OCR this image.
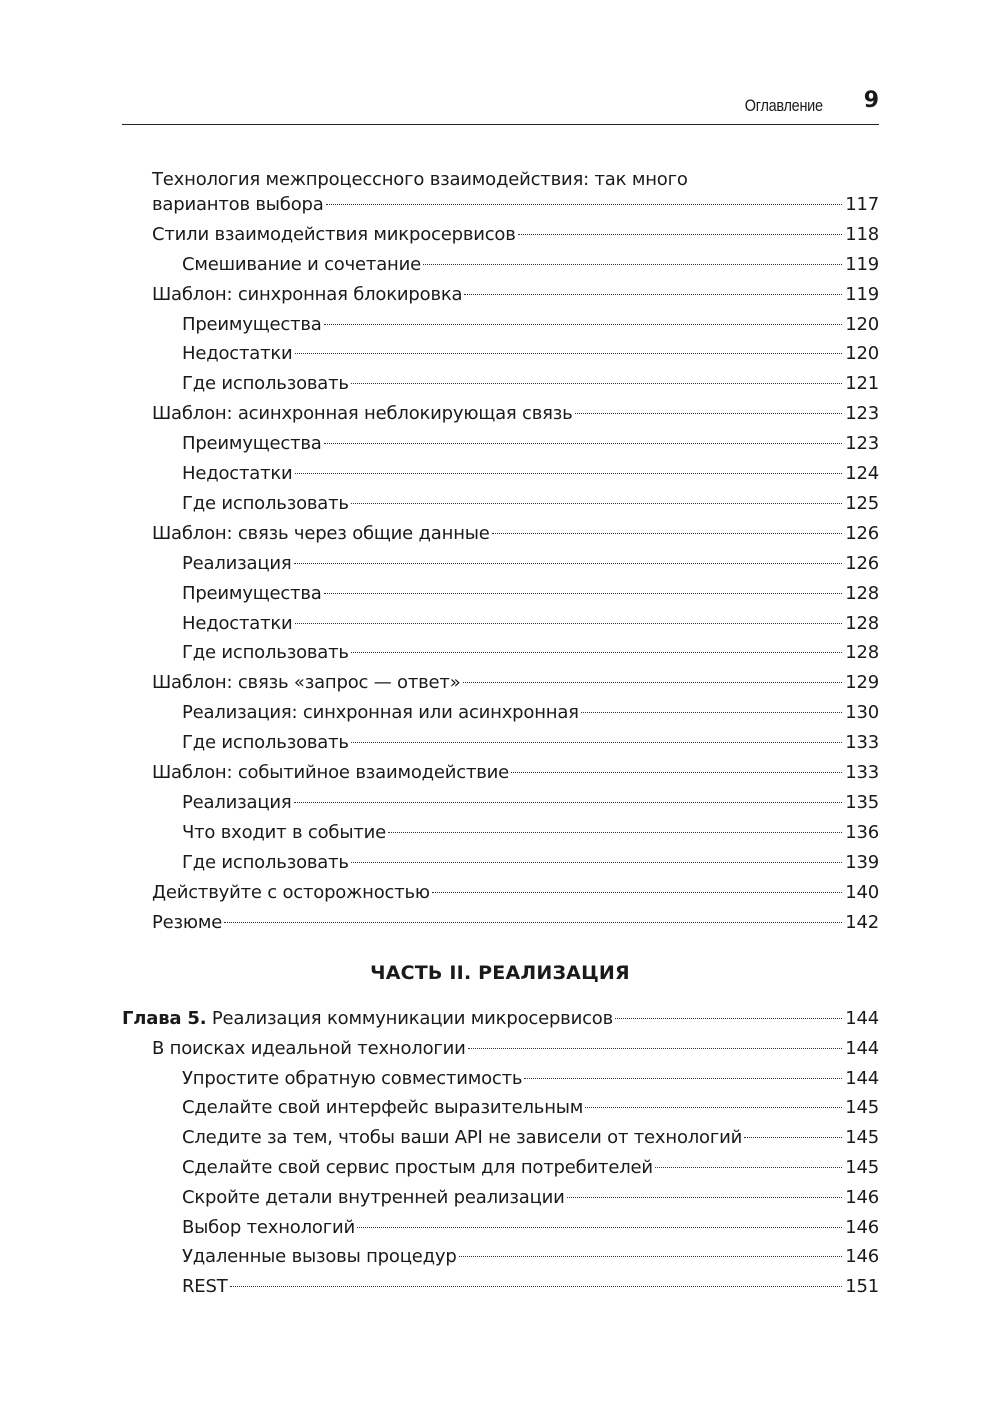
Оглавление 9
Технология межпроцессного взаимодействия: так много
вариантов выбора	117
Стили взаимодействия микросервисов	118
Смешивание и сочетание	119
Шаблон: синхронная блокировка	119
Преимущества	120
Недостатки	120
Где использовать	121
Шаблон: асинхронная неблокирующая связь	123
Преимущества	123
Недостатки	124
Где использовать	125
Шаблон: связь через общие данные	126
Реализация	126
Преимущества	128
Недостатки	128
Где использовать	128
Шаблон: связь «запрос — ответ»	129
Реализация: синхронная или асинхронная	130
Где использовать	133
Шаблон: событийное взаимодействие	133
Реализация	135
Что входит в событие	136
Где использовать	139
Действуйте с осторожностью	140
Резюме	142
Глава 5. Реализация коммуникации микросервисов	144
В поисках идеальной технологии	144
Упростите обратную совместимость	144
Сделайте свой интерфейс выразительным	145
Следите за тем, чтобы ваши API не зависели от технологий	145
Сделайте свой сервис простым для потребителей	145
Скройте детали внутренней реализации	146
Выбор технологий	146
Удаленные вызовы процедур	146
REST	151
ЧАСТЬ II. РЕАЛИЗАЦИЯ
